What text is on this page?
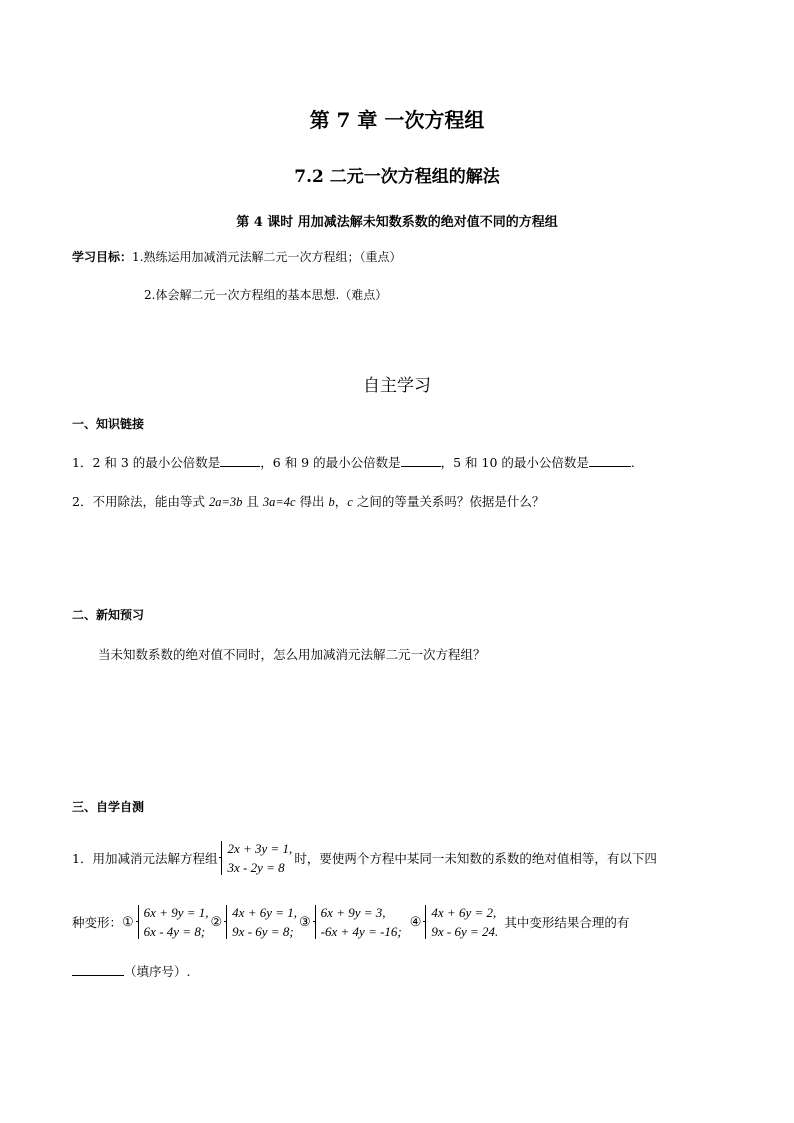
第 7 章 一次方程组
7.2 二元一次方程组的解法
第 4 课时 用加减法解未知数系数的绝对值不同的方程组
学习目标：1.熟练运用加减消元法解二元一次方程组；（重点）
2.体会解二元一次方程组的基本思想.（难点）
自主学习
一、知识链接
1．2 和 3 的最小公倍数是	，6 和 9 的最小公倍数是	，5 和 10 的最小公倍数是	.
2．不用除法，能由等式 2a=3b 且 3a=4c 得出 b，c 之间的等量关系吗？依据是什么？
二、新知预习
当未知数系数的绝对值不同时，怎么用加减消元法解二元一次方程组？
三、自学自测
1．用加减消元法解方程组
2x + 3y = 1,
3x - 2y = 8
时，要使两个方程中某同一未知数的系数的绝对值相等，有以下四
种变形： ①
6x + 9y = 1,
6x - 4y = 8;
②
4x + 6y = 1,
9x - 6y = 8;
③
6x + 9y = 3,
-6x + 4y = -16;
④
4x + 6y = 2,
9x - 6y = 24.
其中变形结果合理的有
（填序号）.
